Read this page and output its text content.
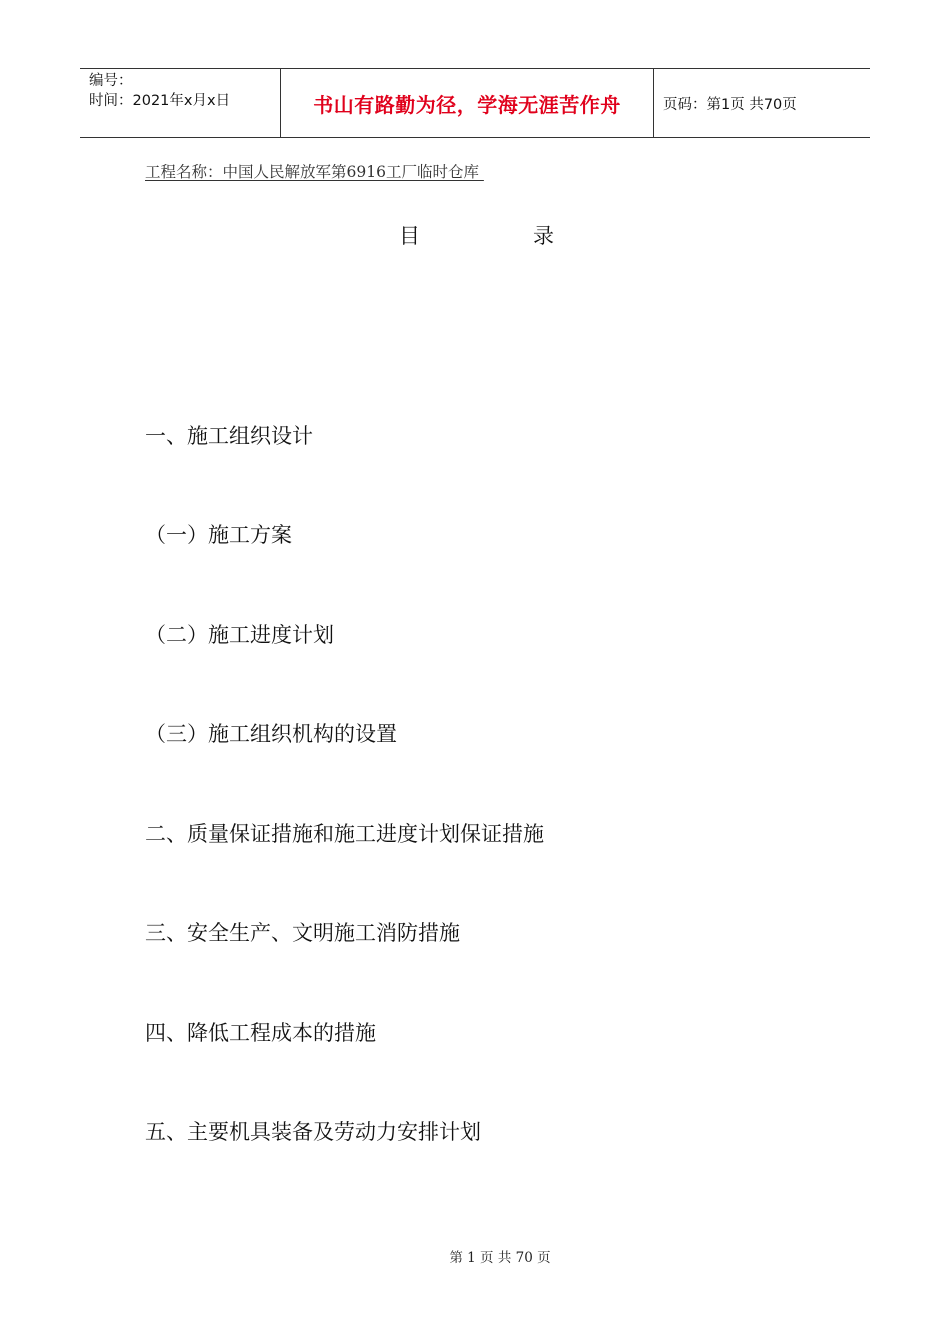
编号：
时间：2021年x月x日	书山有路勤为径，学海无涯苦作舟	页码：第1页 共70页
工程名称：中国人民解放军第6916工厂临时仓库
目	录
一、施工组织设计
（一）施工方案
（二）施工进度计划
（三）施工组织机构的设置
二、质量保证措施和施工进度计划保证措施
三、安全生产、文明施工消防措施
四、降低工程成本的措施
五、主要机具装备及劳动力安排计划
第 1 页 共 70 页
